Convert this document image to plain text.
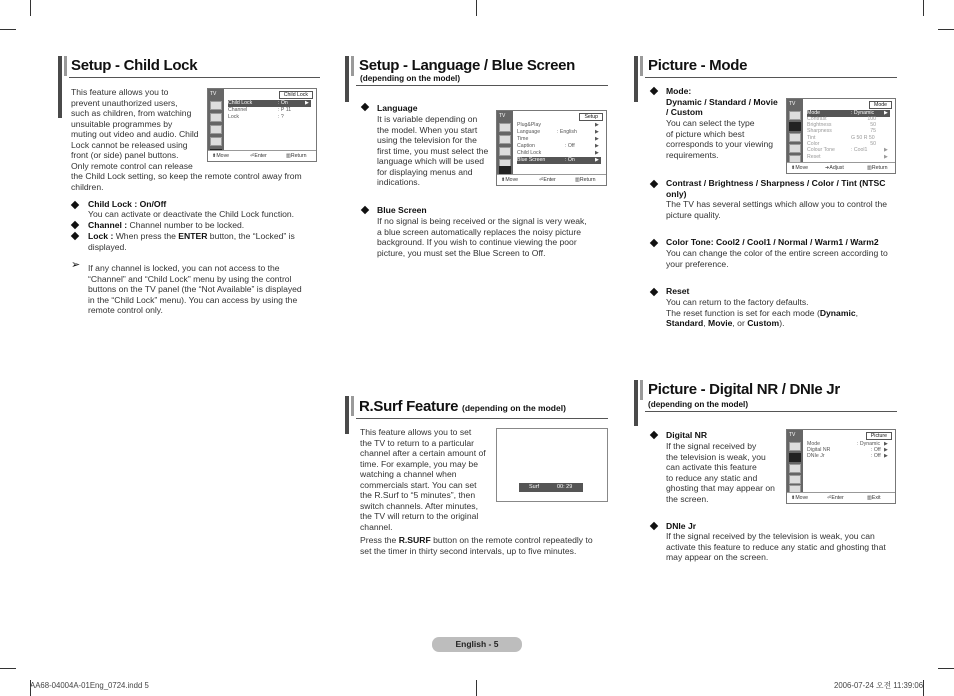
Setup - Child Lock
This feature allows you to
prevent unauthorized users,
such as children, from watching
unsuitable programmes by
muting out video and audio. Child
Lock cannot be released using
front (or side) panel buttons.
Only remote control can release
the Child Lock setting, so keep the remote control away from
children.
TV	Child Lock
Child Lock	: On	▶
Channel	: P 11
Lock	: ?
⬍ Move	⏎ Enter	▥ Return
Child Lock : On/Off
You can activate or deactivate the Child Lock function.
Channel : Channel number to be locked.
Lock : When press the ENTER button, the “Locked” is
displayed.
➢ If any channel is locked, you can not access to the
“Channel” and “Child Lock” menu by using the control
buttons on the TV panel (the “Not Available” is displayed
in the “Child Lock” menu). You can access by using the
remote control only.
Setup - Language / Blue Screen
(depending on the model)
Language
It is variable depending on
the model. When you start
using the television for the
first time, you must select the
language which will be used
for displaying menus and
indications.
TV	Setup
Plug&Play	▶
Language	: English	▶
Time	▶
Caption	: Off	▶
Child Lock	▶
Blue Screen	: On	▶
⬍ Move	⏎ Enter	▥ Return
Blue Screen
If no signal is being received or the signal is very weak,
a blue screen automatically replaces the noisy picture
background. If you wish to continue viewing the poor
picture, you must set the Blue Screen to Off.
R.Surf Feature (depending on the model)
This feature allows you to set
the TV to return to a particular
channel after a certain amount of
time. For example, you may be
watching a channel when
commercials start. You can set
the R.Surf to “5 minutes”, then
switch channels. After minutes,
the TV will return to the original
channel.
Surf	00: 29
Press the R.SURF button on the remote control repeatedly to
set the timer in thirty second intervals, up to five minutes.
Picture - Mode
Mode:
Dynamic / Standard / Movie
/ Custom
You can select the type
of picture which best
corresponds to your viewing
requirements.
TV	Mode
Mode	: Dynamic ▶
Contrast	100
Brightness	50
Sharpness	75
Tint	G 50 R 50
Color	50
Colour Tone	: Cool1	▶
Reset	▶
⬍ Move	➜ Adjust	▥ Return
Contrast / Brightness / Sharpness / Color / Tint (NTSC
only)
The TV has several settings which allow you to control the
picture quality.
Color Tone: Cool2 / Cool1 / Normal / Warm1 / Warm2
You can change the color of the entire screen according to
your preference.
Reset
You can return to the factory defaults.
The reset function is set for each mode (Dynamic,
Standard, Movie, or Custom).
Picture - Digital NR / DNIe Jr
(depending on the model)
Digital NR
If the signal received by
the television is weak, you
can activate this feature
to reduce any static and
ghosting that may appear on
the screen.
TV	Picture
Mode	: Dynamic ▶
Digital NR	: Off ▶
DNIe Jr	: Off ▶
⬍ Move	⏎ Enter	▥ Exit
DNIe Jr
If the signal received by the television is weak, you can
activate this feature to reduce any static and ghosting that
may appear on the screen.
English - 5
AA68-04004A-01Eng_0724.indd 5	2006-07-24 오전 11:39:06
